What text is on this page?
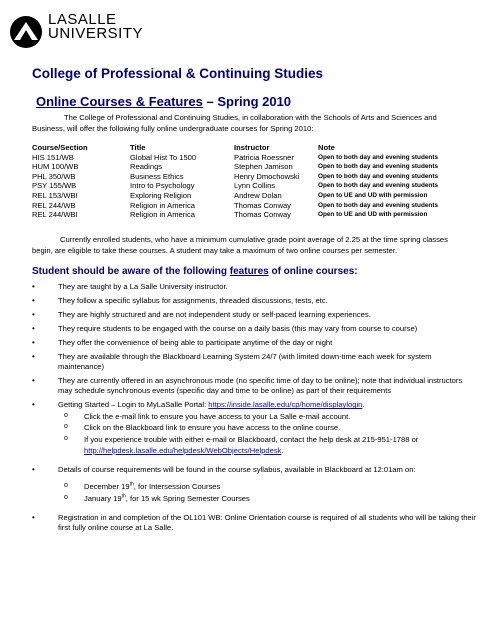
LASALLE
UNIVERSITY
College of Professional & Continuing Studies
Online Courses & Features – Spring 2010
The College of Professional and Continuing Studies, in collaboration with the Schools of Arts and Sciences and
Business, will offer the following fully online undergraduate courses for Spring 2010:
Course/Section	Title	Instructor	Note
HIS 151/WB	Global Hist To 1500	Patricia Roessner	Open to both day and evening students
HUM 100/WB	Readings	Stephen Jamison	Open to both day and evening students
PHL 350/WB	Business Ethics	Henry Dmochowski	Open to both day and evening students
PSY 155/WB	Intro to Psychology	Lynn Collins	Open to both day and evening students
REL 153/WBI	Exploring Religion	Andrew Dolan	Open to UE and UD with permission
REL 244/WB	Religion in America	Thomas Conway	Open to both day and evening students
REL 244/WBI	Religion in America	Thomas Conway	Open to UE and UD with permission
Currently enrolled students, who have a minimum cumulative grade point average of 2.25 at the time spring classes
begin, are eligible to take these courses. A student may take a maximum of two online courses per semester.
Student should be aware of the following features of online courses:
• They are taught by a La Salle University instructor.
• They follow a specific syllabus for assignments, threaded discussions, tests, etc.
• They are highly structured and are not independent study or self-paced learning experiences.
• They require students to be engaged with the course on a daily basis (this may vary from course to course)
• They offer the convenience of being able to participate anytime of the day or night
• They are available through the Blackboard Learning System 24/7 (with limited down-time each week for system maintenance)
• They are currently offered in an asynchronous mode (no specific time of day to be online); note that individual instructors may schedule synchronous events (specific day and time to be online) as part of their requirements
• Getting Started – Login to MyLaSalle Portal: https://inside.lasalle.edu/cp/home/displaylogin.
o Click the e-mail link to ensure you have access to your La Salle e-mail account.
o Click on the Blackboard link to ensure you have access to the online course.
o If you experience trouble with either e-mail or Blackboard, contact the help desk at 215-951-1788 or
http://helpdesk.lasalle.edu/helpdesk/WebObjects/Helpdesk.
• Details of course requirements will be found in the course syllabus, available in Blackboard at 12:01am on:
o December 19th, for Intersession Courses
o January 19th, for 15 wk Spring Semester Courses
• Registration in and completion of the OL101 WB: Online Orientation course is required of all students who will be taking their first fully online course at La Salle.
